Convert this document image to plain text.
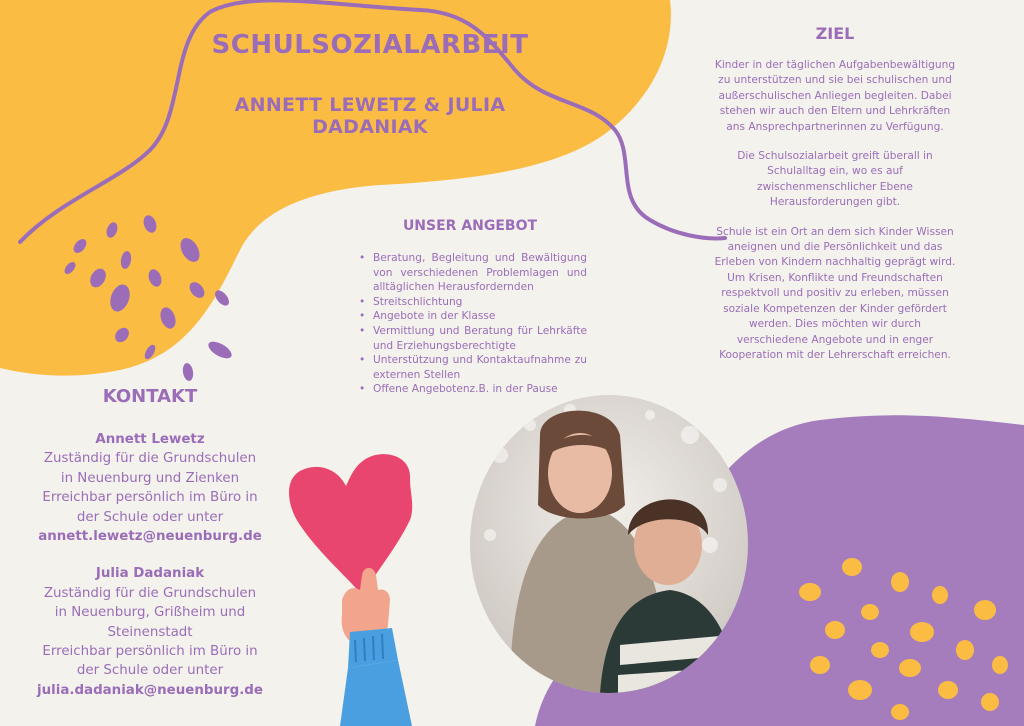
SCHULSOZIALARBEIT
ANNETT LEWETZ & JULIA DADANIAK
ZIEL

Kinder in der täglichen Aufgabenbewältigung zu unterstützen und sie bei schulischen und außerschulischen Anliegen begleiten. Dabei stehen wir auch den Eltern und Lehrkräften ans Ansprechpartnerinnen zu Verfügung.

Die Schulsozialarbeit greift überall in Schulalltag ein, wo es auf zwischenmenschlicher Ebene Herausforderungen gibt.

Schule ist ein Ort an dem sich Kinder Wissen aneignen und die Persönlichkeit und das Erleben von Kindern nachhaltig geprägt wird. Um Krisen, Konflikte und Freundschaften respektvoll und positiv zu erleben, müssen soziale Kompetenzen der Kinder gefördert werden. Dies möchten wir durch verschiedene Angebote und in enger Kooperation mit der Lehrerschaft erreichen.

UNSER ANGEBOT
• Beratung, Begleitung und Bewältigung von verschiedenen Problemlagen und alltäglichen Herausfordernden
• Streitschlichtung
• Angebote in der Klasse
• Vermittlung und Beratung für Lehrkäfte und Erziehungsberechtigte
• Unterstützung und Kontaktaufnahme zu externen Stellen
• Offene Angebotenz.B. in der Pause
KONTAKT
Annett Lewetz
Zuständig für die Grundschulen
in Neuenburg und Zienken
Erreichbar persönlich im Büro in
der Schule oder unter
annett.lewetz@neuenburg.de
Julia Dadaniak
Zuständig für die Grundschulen
in Neuenburg, Grißheim und
Steinenstadt
Erreichbar persönlich im Büro in
der Schule oder unter
julia.dadaniak@neuenburg.de
